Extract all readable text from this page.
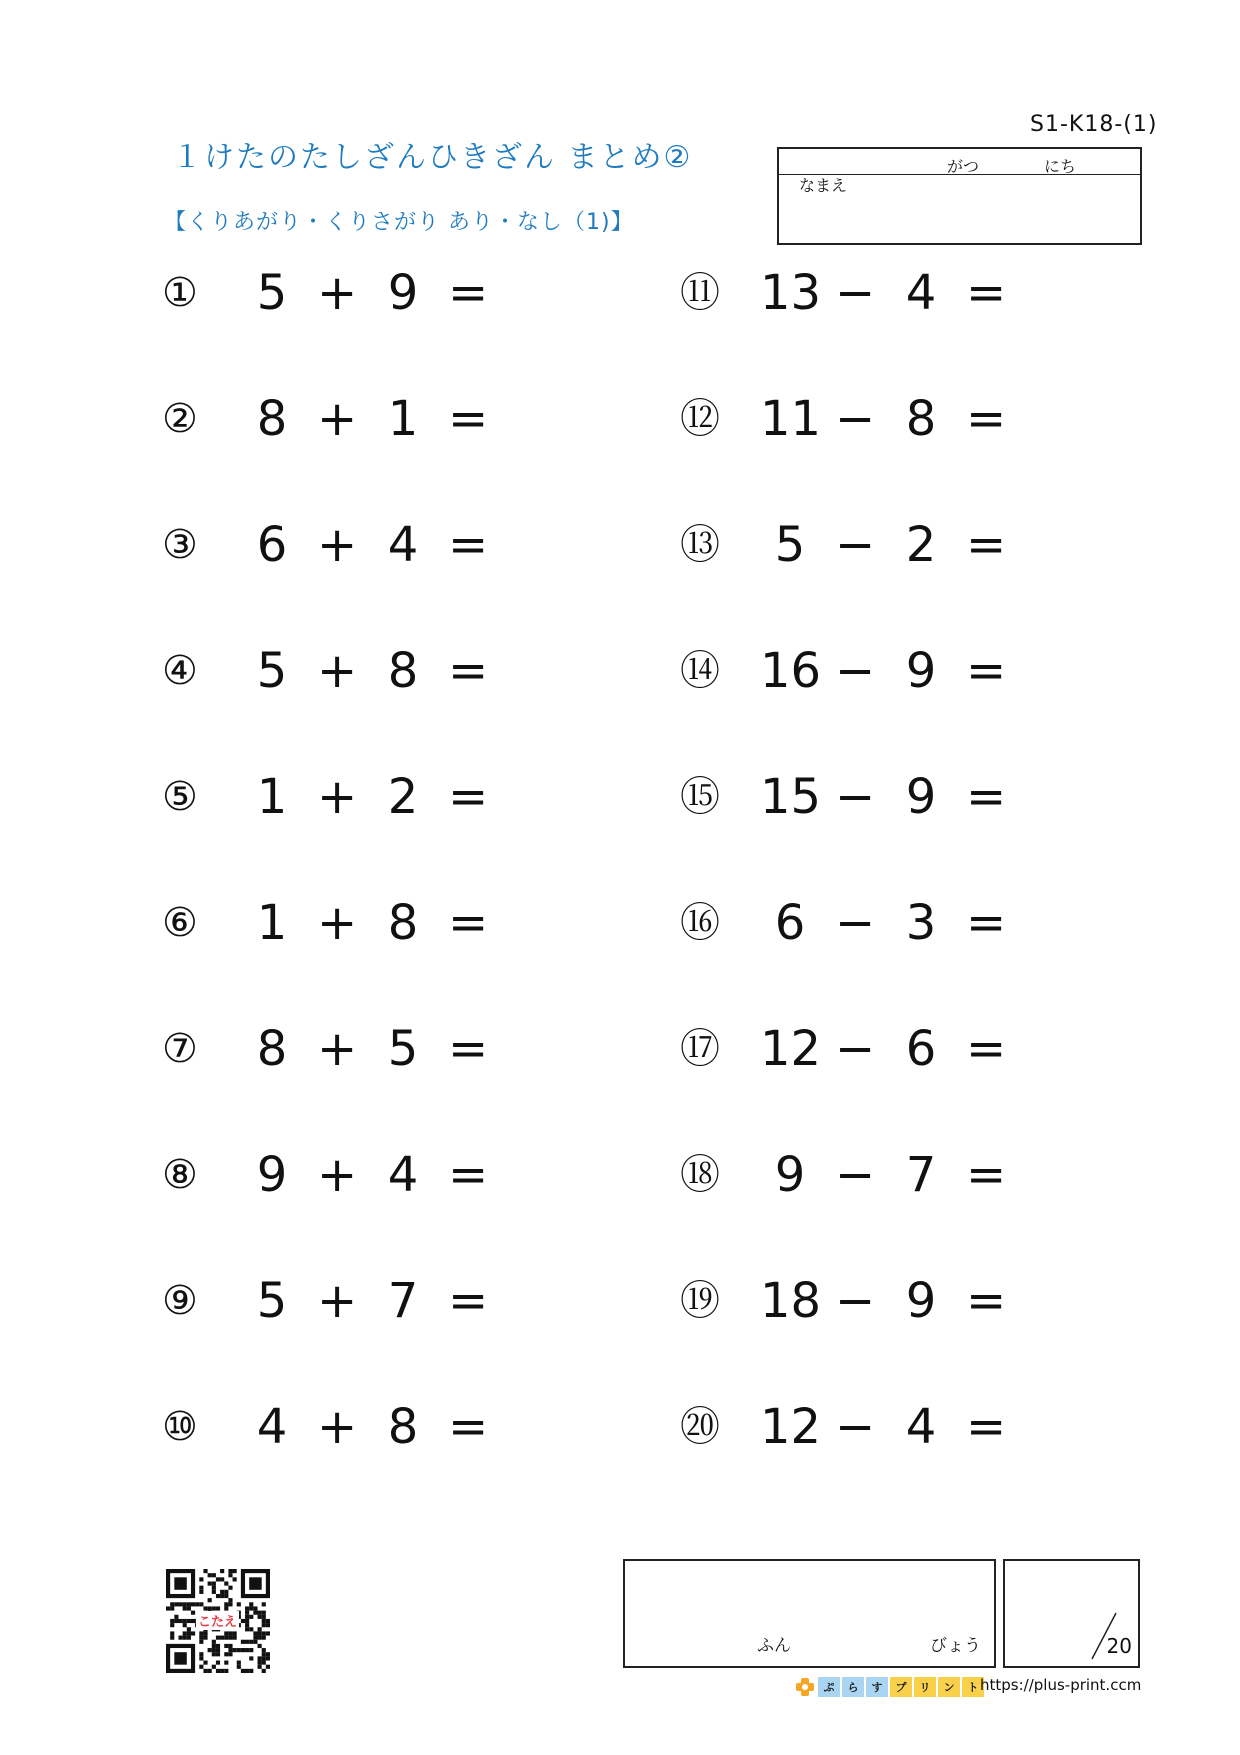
S1-K18-(1)
１けたのたしざんひきざん まとめ②
【くりあがり・くりさがり あり・なし（1)】
がつ	にち
なまえ
①	5 + 9 =
②	8 + 1 =
③	6 + 4 =
④	5 + 8 =
⑤	1 + 2 =
⑥	1 + 8 =
⑦	8 + 5 =
⑧	9 + 4 =
⑨	5 + 7 =
⑩	4 + 8 =
⑪ 13 − 4 =
⑫ 11 − 8 =
⑬	5 − 2 =
⑭ 16 − 9 =
⑮ 15 − 9 =
⑯	6 − 3 =
⑰ 12 − 6 =
⑱	9 − 7 =
⑲ 18 − 9 =
⑳ 12 − 4 =
ふん	びょう	20
こたえ
ぷ	ら	す	プ	リ	ン	ト https://plus-print.ccm
